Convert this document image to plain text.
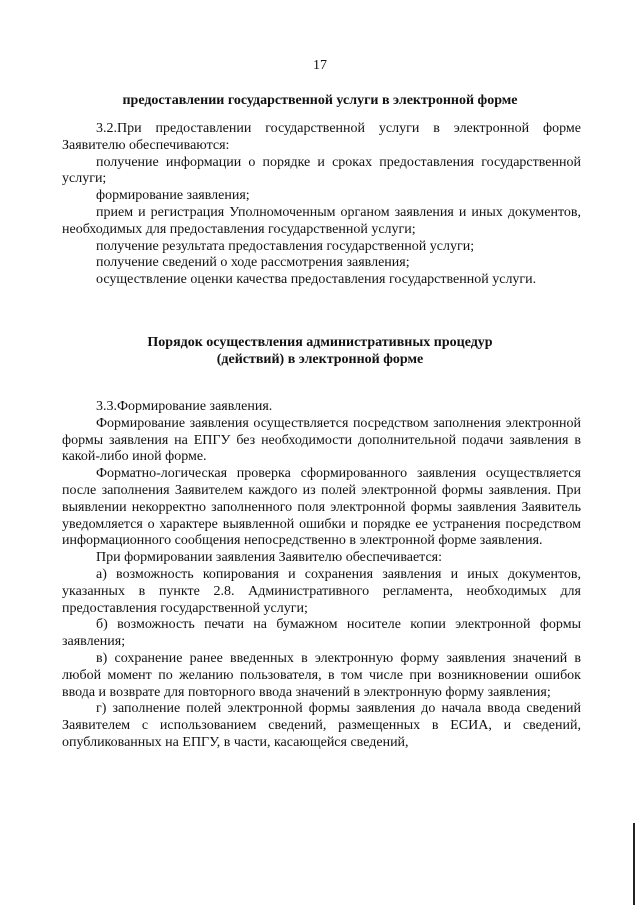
17
предоставлении государственной услуги в электронной форме

3.2.При предоставлении государственной услуги в электронной форме Заявителю обеспечиваются:

получение информации о порядке и сроках предоставления государственной услуги;

формирование заявления;

прием и регистрация Уполномоченным органом заявления и иных документов, необходимых для предоставления государственной услуги;

получение результата предоставления государственной услуги;

получение сведений о ходе рассмотрения заявления;

осуществление оценки качества предоставления государственной услуги.

Порядок осуществления административных процедур
(действий) в электронной форме

3.3.Формирование заявления.

Формирование заявления осуществляется посредством заполнения электронной формы заявления на ЕПГУ без необходимости дополнительной подачи заявления в какой-либо иной форме.

Форматно-логическая проверка сформированного заявления осуществляется после заполнения Заявителем каждого из полей электронной формы заявления. При выявлении некорректно заполненного поля электронной формы заявления Заявитель уведомляется о характере выявленной ошибки и порядке ее устранения посредством информационного сообщения непосредственно в электронной форме заявления.

При формировании заявления Заявителю обеспечивается:

а) возможность копирования и сохранения заявления и иных документов, указанных в пункте 2.8. Административного регламента, необходимых для предоставления государственной услуги;

б) возможность печати на бумажном носителе копии электронной формы заявления;

в) сохранение ранее введенных в электронную форму заявления значений в любой момент по желанию пользователя, в том числе при возникновении ошибок ввода и возврате для повторного ввода значений в электронную форму заявления;

г) заполнение полей электронной формы заявления до начала ввода сведений Заявителем с использованием сведений, размещенных в ЕСИА, и сведений, опубликованных на ЕПГУ, в части, касающейся сведений,
